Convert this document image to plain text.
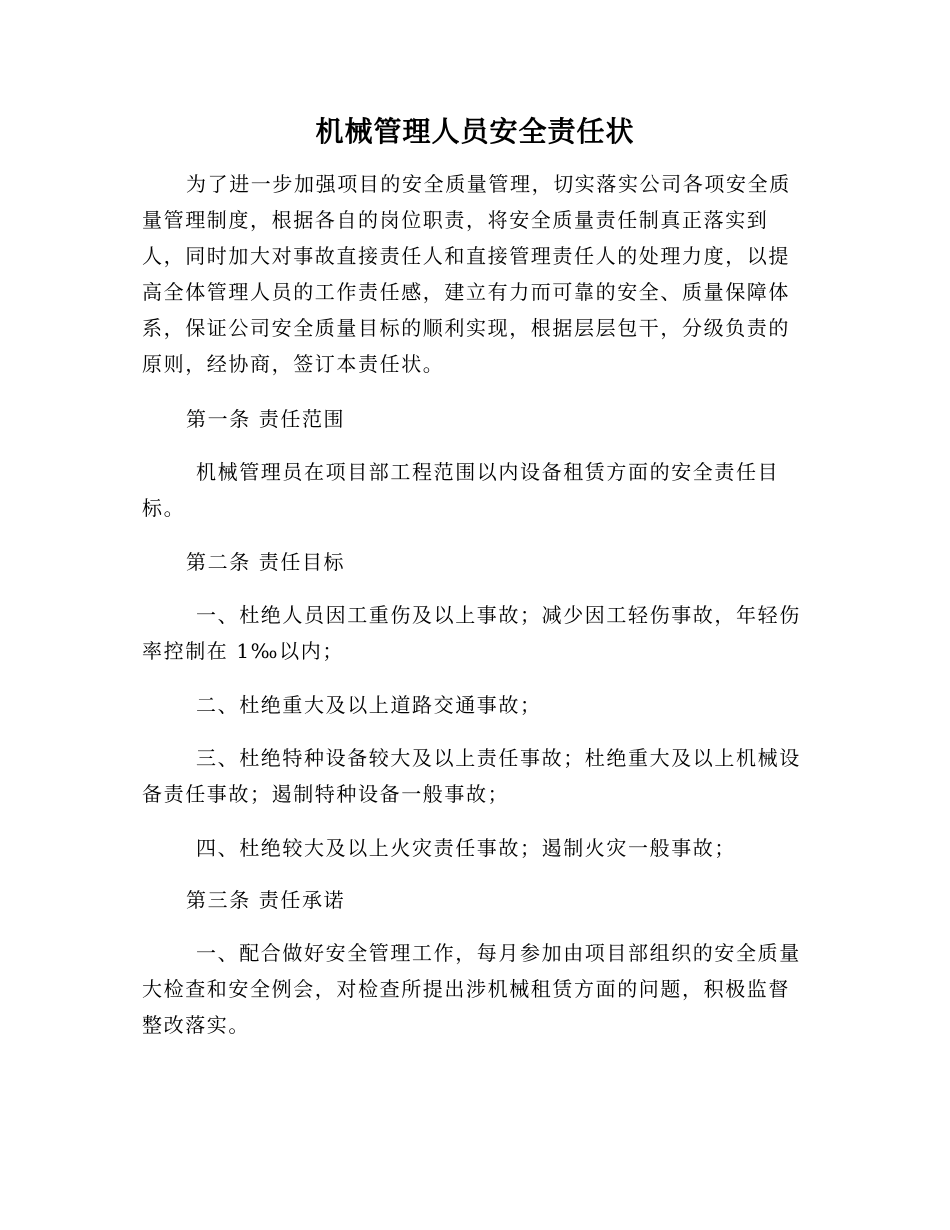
机械管理人员安全责任状
为了进一步加强项目的安全质量管理，切实落实公司各项安全质
量管理制度，根据各自的岗位职责，将安全质量责任制真正落实到
人，同时加大对事故直接责任人和直接管理责任人的处理力度，以提
高全体管理人员的工作责任感，建立有力而可靠的安全、质量保障体
系，保证公司安全质量目标的顺利实现，根据层层包干，分级负责的
原则，经协商，签订本责任状。
第一条 责任范围
机械管理员在项目部工程范围以内设备租赁方面的安全责任目
标。
第二条 责任目标
一、杜绝人员因工重伤及以上事故；减少因工轻伤事故，年轻伤
率控制在 1‰以内；
二、杜绝重大及以上道路交通事故；
三、杜绝特种设备较大及以上责任事故；杜绝重大及以上机械设
备责任事故；遏制特种设备一般事故；
四、杜绝较大及以上火灾责任事故；遏制火灾一般事故；
第三条 责任承诺
一、配合做好安全管理工作，每月参加由项目部组织的安全质量
大检查和安全例会，对检查所提出涉机械租赁方面的问题，积极监督
整改落实。
